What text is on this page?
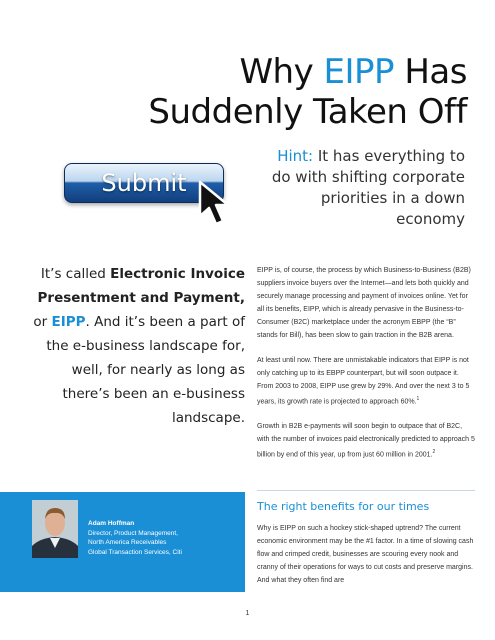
Why EIPP Has
Suddenly Taken Off
Hint: It has everything to do with shifting corporate priorities in a down economy
Submit
It’s called Electronic Invoice Presentment and Payment, or EIPP. And it’s been a part of the e-business landscape for, well, for nearly as long as there’s been an e-business landscape.

EIPP is, of course, the process by which Business-to-Business (B2B) suppliers invoice buyers over the Internet—and lets both quickly and securely manage processing and payment of invoices online. Yet for all its benefits, EIPP, which is already pervasive in the Business-to-Consumer (B2C) marketplace under the acronym EBPP (the “B” stands for Bill), has been slow to gain traction in the B2B arena.

At least until now. There are unmistakable indicators that EIPP is not only catching up to its EBPP counterpart, but will soon outpace it. From 2003 to 2008, EIPP use grew by 29%. And over the next 3 to 5 years, its growth rate is projected to approach 60%.$^1$

Growth in B2B e-payments will soon begin to outpace that of B2C, with the number of invoices paid electronically predicted to approach 5 billion by end of this year, up from just 60 million in 2001.$^2$

The right benefits for our times

Why is EIPP on such a hockey stick-shaped uptrend? The current economic environment may be the #1 factor. In a time of slowing cash flow and crimped credit, businesses are scouring every nook and cranny of their operations for ways to cut costs and preserve margins. And what they often find are

Adam Hoffman
Director, Product Management,
North America Receivables
Global Transaction Services, Citi
1
